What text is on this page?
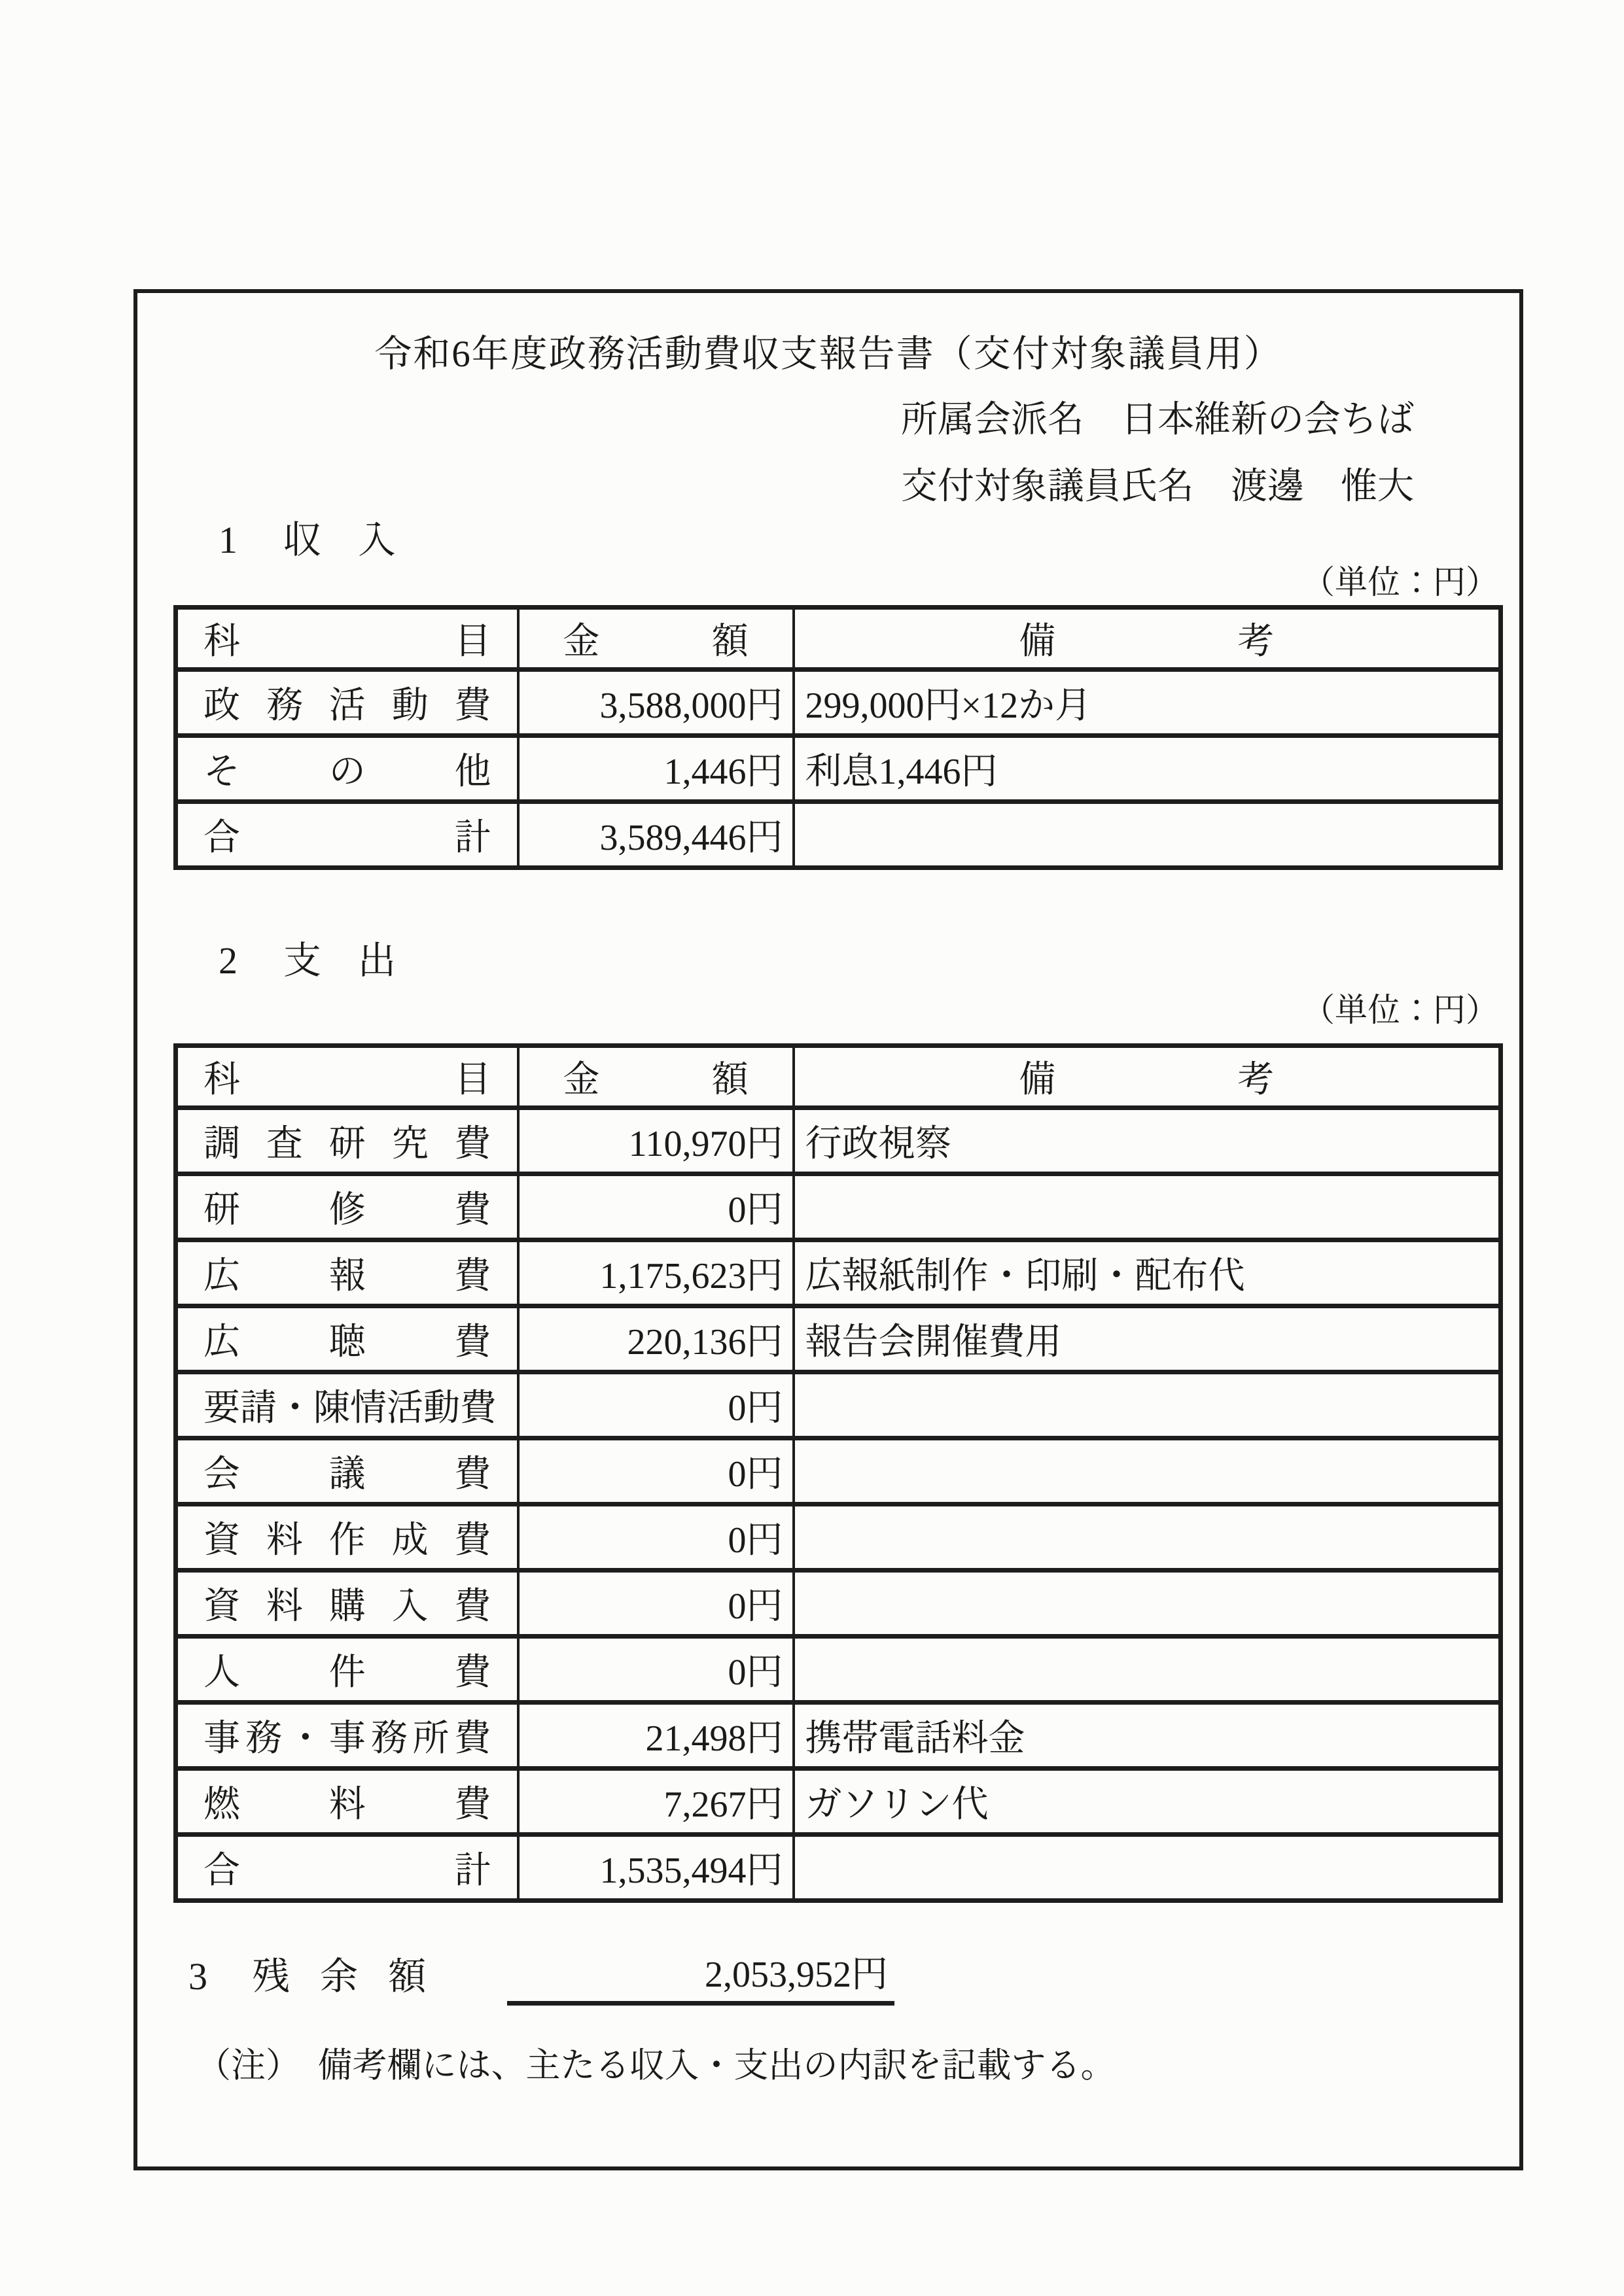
令和6年度政務活動費収支報告書（交付対象議員用）
所属会派名　日本維新の会ちば
交付対象議員氏名　渡邊　惟大
1 収入
（単位：円）
科 目	金 額	備 考

政 務 活 動 費	3,588,000円	299,000円×12か月

そ の 他	1,446円	利息1,446円

合 計	3,589,446円	
2 支出
（単位：円）
科 目	金 額	備 考

調 査 研 究 費	110,970円	行政視察

研 修 費	0円	

広 報 費	1,175,623円	広報紙制作・印刷・配布代

広 聴 費	220,136円	報告会開催費用

要 請 ・ 陳 情 活 動 費	0円	

会 議 費	0円	

資 料 作 成 費	0円	

資 料 購 入 費	0円	

人 件 費	0円	

事 務 ・ 事 務 所 費	21,498円	携帯電話料金

燃 料 費	7,267円	ガソリン代

合 計	1,535,494円	
3 残余額	2,053,952円
（注）　備考欄には、主たる収入・支出の内訳を記載する。
